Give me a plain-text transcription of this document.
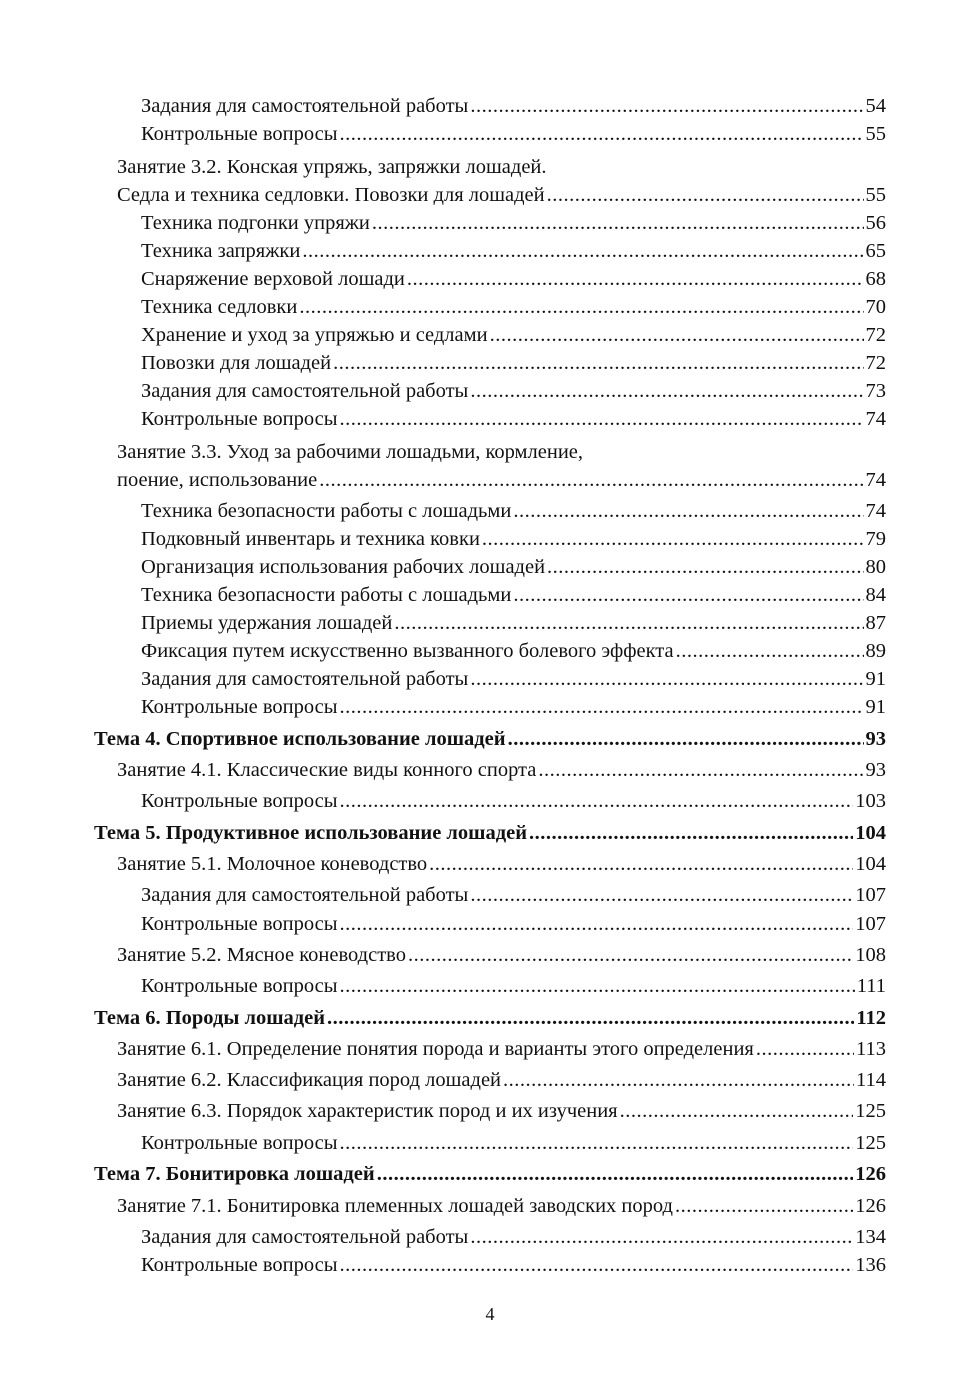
Задания для самостоятельной работы .....	54
Контрольные вопросы .....	55
Занятие 3.2. Конская упряжь, запряжки лошадей.
Седла и техника седловки. Повозки для лошадей .....	55
Техника подгонки упряжи .....	56
Техника запряжки .....	65
Снаряжение верховой лошади .....	68
Техника седловки .....	70
Хранение и уход за упряжью и седлами .....	72
Повозки для лошадей .....	72
Задания для самостоятельной работы .....	73
Контрольные вопросы .....	74
Занятие 3.3. Уход за рабочими лошадьми, кормление,
поение, использование .....	74
Техника безопасности работы с лошадьми .....	74
Подковный инвентарь и техника ковки .....	79
Организация использования рабочих лошадей .....	80
Техника безопасности работы с лошадьми .....	84
Приемы удержания лошадей .....	87
Фиксация путем искусственно вызванного болевого эффекта .....	89
Задания для самостоятельной работы .....	91
Контрольные вопросы .....	91
Тема 4. Спортивное использование лошадей .....	93
Занятие 4.1. Классические виды конного спорта .....	93
Контрольные вопросы .....	103
Тема 5. Продуктивное использование лошадей .....	104
Занятие 5.1. Молочное коневодство .....	104
Задания для самостоятельной работы .....	107
Контрольные вопросы .....	107
Занятие 5.2. Мясное коневодство .....	108
Контрольные вопросы .....	111
Тема 6. Породы лошадей .....	112
Занятие 6.1. Определение понятия порода и варианты этого определения .....	113
Занятие 6.2. Классификация пород лошадей .....	114
Занятие 6.3. Порядок характеристик пород и их изучения .....	125
Контрольные вопросы .....	125
Тема 7. Бонитировка лошадей .....	126
Занятие 7.1. Бонитировка племенных лошадей заводских пород .....	126
Задания для самостоятельной работы .....	134
Контрольные вопросы .....	136
4
